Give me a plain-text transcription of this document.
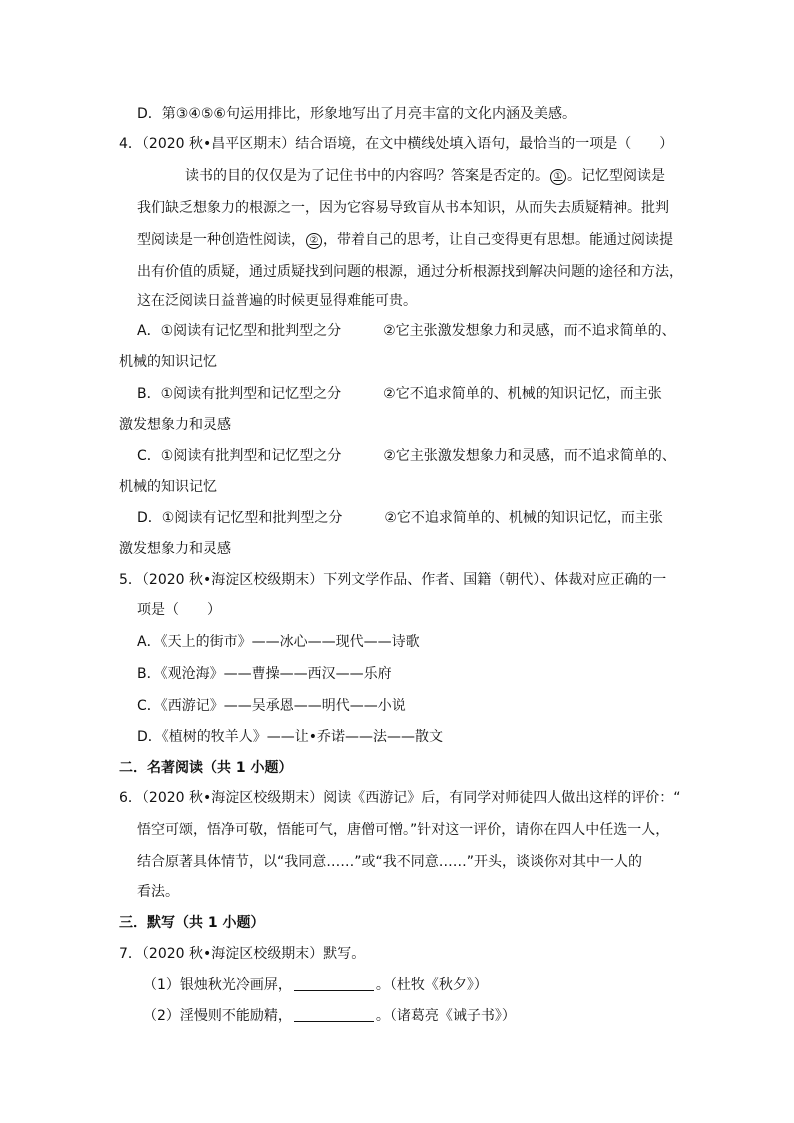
D．第③④⑤⑥句运用排比，形象地写出了月亮丰富的文化内涵及美感。
4．（2020 秋•昌平区期末）结合语境，在文中横线处填入语句，最恰当的一项是（　　）
读书的目的仅仅是为了记住书中的内容吗？答案是否定的。 ① 。记忆型阅读是
我们缺乏想象力的根源之一，因为它容易导致盲从书本知识，从而失去质疑精神。批判
型阅读是一种创造性阅读， ② ，带着自己的思考，让自己变得更有思想。能通过阅读提
出有价值的质疑，通过质疑找到问题的根源，通过分析根源找到解决问题的途径和方法，
这在泛阅读日益普遍的时候更显得难能可贵。
A．①阅读有记忆型和批判型之分　　　②它主张激发想象力和灵感，而不追求简单的、
机械的知识记忆
B．①阅读有批判型和记忆型之分　　　②它不追求简单的、机械的知识记忆，而主张
激发想象力和灵感
C．①阅读有批判型和记忆型之分　　　②它主张激发想象力和灵感，而不追求简单的、
机械的知识记忆
D．①阅读有记忆型和批判型之分　　　②它不追求简单的、机械的知识记忆，而主张
激发想象力和灵感
5．（2020 秋•海淀区校级期末）下列文学作品、作者、国籍（朝代）、体裁对应正确的一
项是（　　）
A．《天上的街市》——冰心——现代——诗歌
B．《观沧海》——曹操——西汉——乐府
C．《西游记》——吴承恩——明代——小说
D．《植树的牧羊人》——让•乔诺——法——散文
二．名著阅读（共 1 小题）
6．（2020 秋•海淀区校级期末）阅读《西游记》后，有同学对师徒四人做出这样的评价：“
悟空可颂，悟净可敬，悟能可气，唐僧可憎。”针对这一评价，请你在四人中任选一人，
结合原著具体情节，以“我同意……”或“我不同意……”开头，谈谈你对其中一人的
看法。
三．默写（共 1 小题）
7．（2020 秋•海淀区校级期末）默写。
（1）银烛秋光冷画屏，	。（杜牧《秋夕》）
（2）淫慢则不能励精，	。（诸葛亮《诫子书》）
